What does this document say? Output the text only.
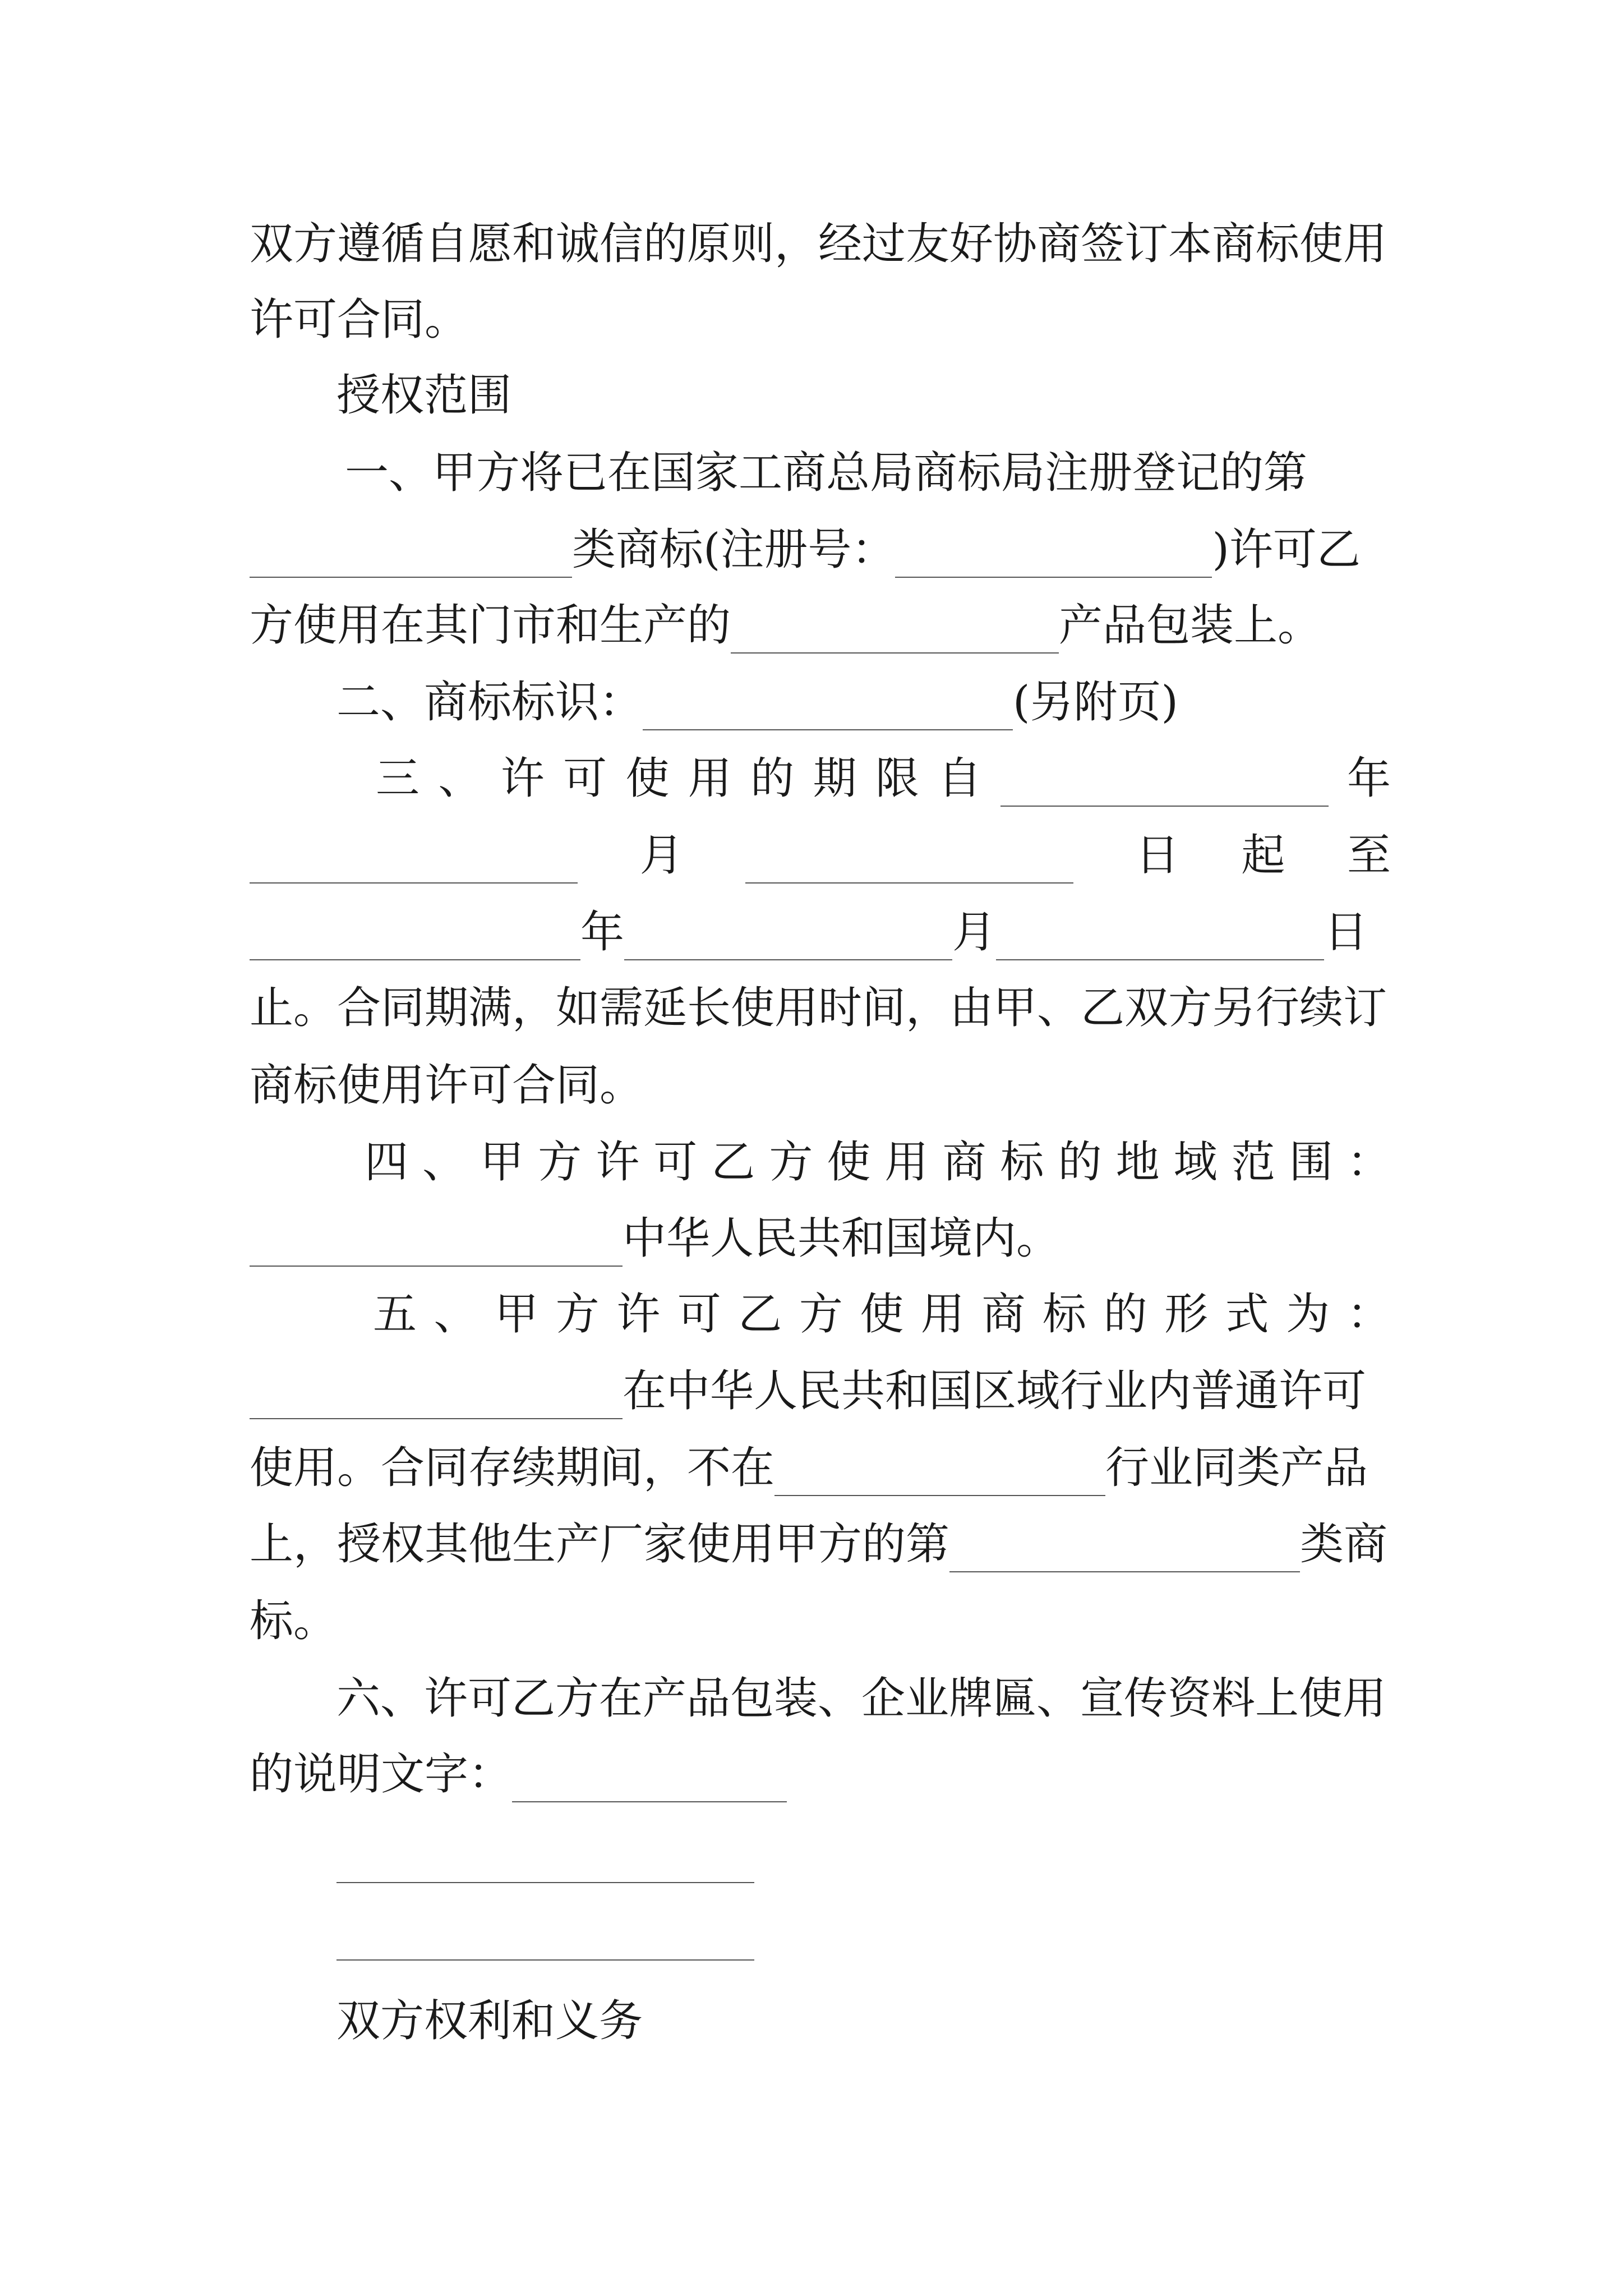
双方遵循自愿和诚信的原则，经过友好协商签订本商标使用
许可合同。
授权范围
一、甲方将已在国家工商总局商标局注册登记的第
类商标(注册号：	)许可乙
方使用在其门市和生产的	产品包装上。
二、商标标识：	(另附页)
三 、 许 可 使 用 的 期 限 自	年
月	日 起 至
年	月	日
止。合同期满，如需延长使用时间，由甲、乙双方另行续订
商标使用许可合同。
四 、 甲 方 许 可 乙 方 使 用 商 标 的 地 域 范 围 ：
中华人民共和国境内。
五 、 甲 方 许 可 乙 方 使 用 商 标 的 形 式 为 ：
在中华人民共和国区域行业内普通许可
使用。合同存续期间，不在	行业同类产品
上，授权其他生产厂家使用甲方的第	类商
标。
六、许可乙方在产品包装、企业牌匾、宣传资料上使用
的说明文字：
双方权利和义务
